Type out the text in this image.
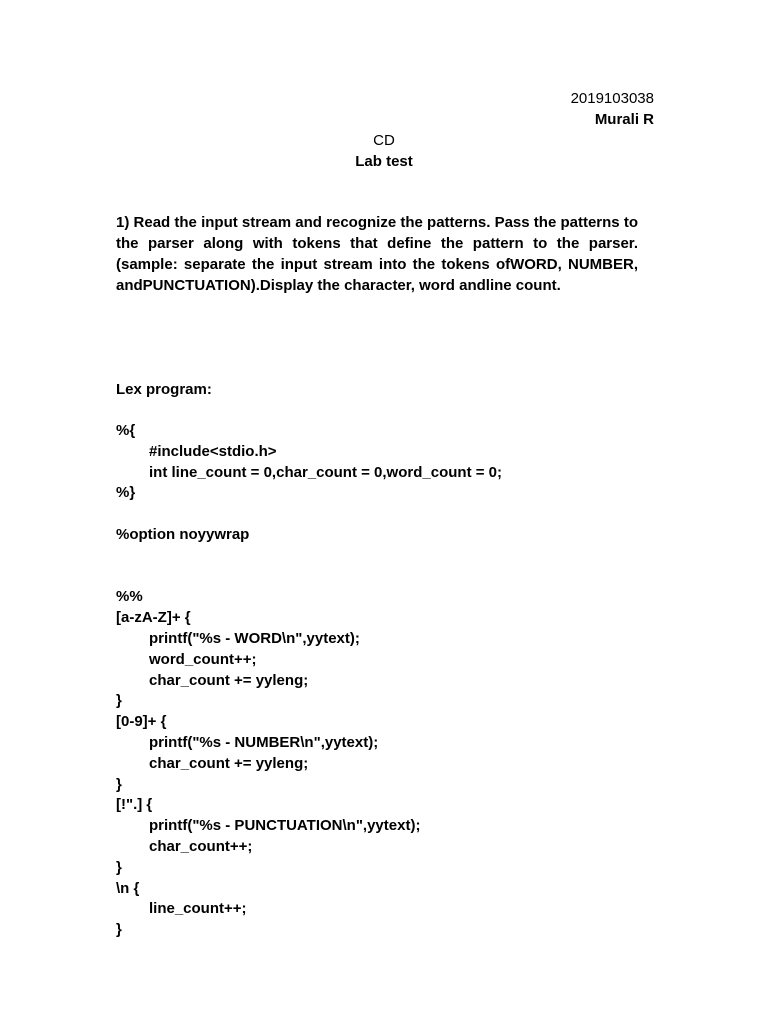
2019103038
Murali R
CD
Lab test
1) Read the input stream and recognize the patterns. Pass the patterns to the parser along with tokens that define the pattern to the parser. (sample: separate the input stream into the tokens ofWORD, NUMBER, andPUNCTUATION).Display the character, word andline count.
Lex program:
%{
#include<stdio.h>
int line_count = 0,char_count = 0,word_count = 0;
%}
%option noyywrap
%%
[a-zA-Z]+ {
printf("%s - WORD\n",yytext);
word_count++;
char_count += yyleng;
}
[0-9]+ {
printf("%s - NUMBER\n",yytext);
char_count += yyleng;
}
[!".] {
printf("%s - PUNCTUATION\n",yytext);
char_count++;
}
\n {
line_count++;
}
